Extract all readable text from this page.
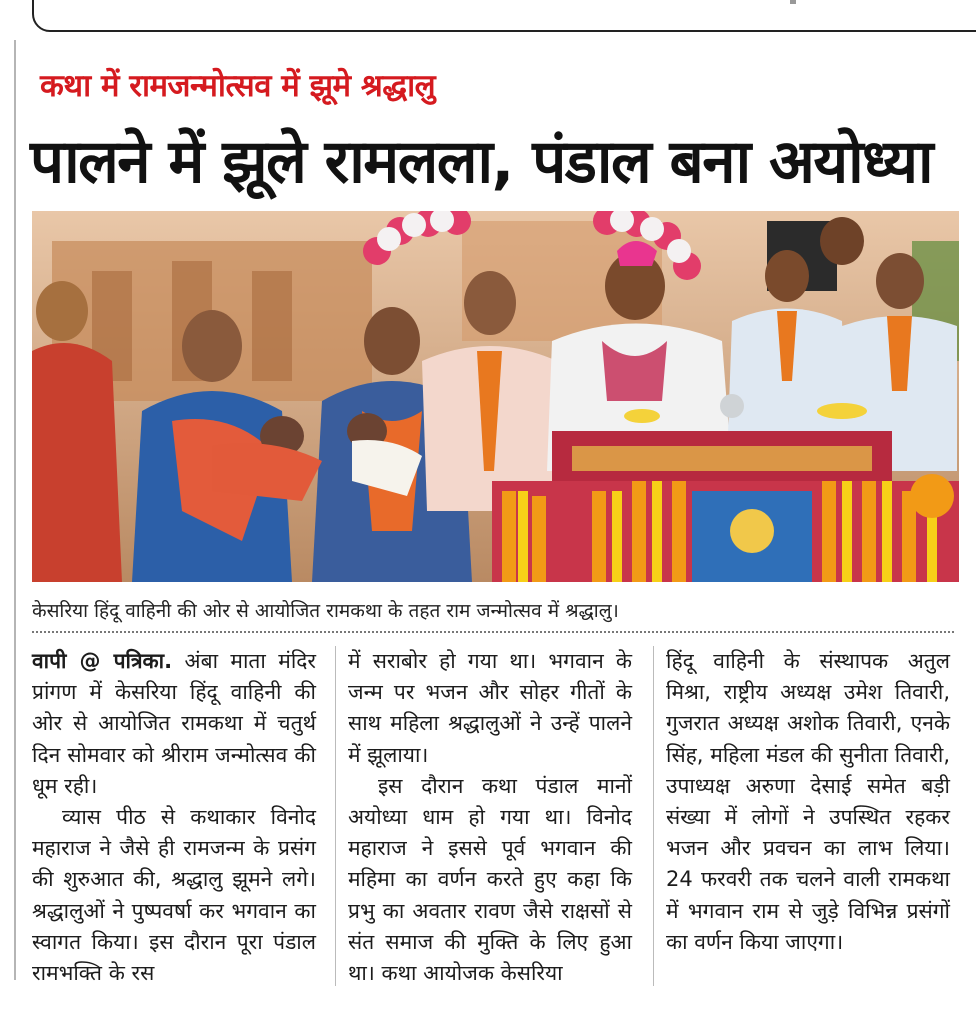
कथा में रामजन्मोत्सव में झूमे श्रद्धालु
पालने में झूले रामलला, पंडाल बना अयोध्या
केसरिया हिंदू वाहिनी की ओर से आयोजित रामकथा के तहत राम जन्मोत्सव में श्रद्धालु।

वापी @ पत्रिका. अंबा माता मंदिर प्रांगण में केसरिया हिंदू वाहिनी की ओर से आयोजित रामकथा में चतुर्थ दिन सोमवार को श्रीराम जन्मोत्सव की धूम रही।

व्यास पीठ से कथाकार विनोद महाराज ने जैसे ही रामजन्म के प्रसंग की शुरुआत की, श्रद्धालु झूमने लगे। श्रद्धालुओं ने पुष्पवर्षा कर भगवान का स्वागत किया। इस दौरान पूरा पंडाल रामभक्ति के रस

में सराबोर हो गया था। भगवान के जन्म पर भजन और सोहर गीतों के साथ महिला श्रद्धालुओं ने उन्हें पालने में झूलाया।

इस दौरान कथा पंडाल मानों अयोध्या धाम हो गया था। विनोद महाराज ने इससे पूर्व भगवान की महिमा का वर्णन करते हुए कहा कि प्रभु का अवतार रावण जैसे राक्षसों से संत समाज की मुक्ति के लिए हुआ था। कथा आयोजक केसरिया

हिंदू वाहिनी के संस्थापक अतुल मिश्रा, राष्ट्रीय अध्यक्ष उमेश तिवारी, गुजरात अध्यक्ष अशोक तिवारी, एनके सिंह, महिला मंडल की सुनीता तिवारी, उपाध्यक्ष अरुणा देसाई समेत बड़ी संख्या में लोगों ने उपस्थित रहकर भजन और प्रवचन का लाभ लिया। 24 फरवरी तक चलने वाली रामकथा में भगवान राम से जुड़े विभिन्न प्रसंगों का वर्णन किया जाएगा।
